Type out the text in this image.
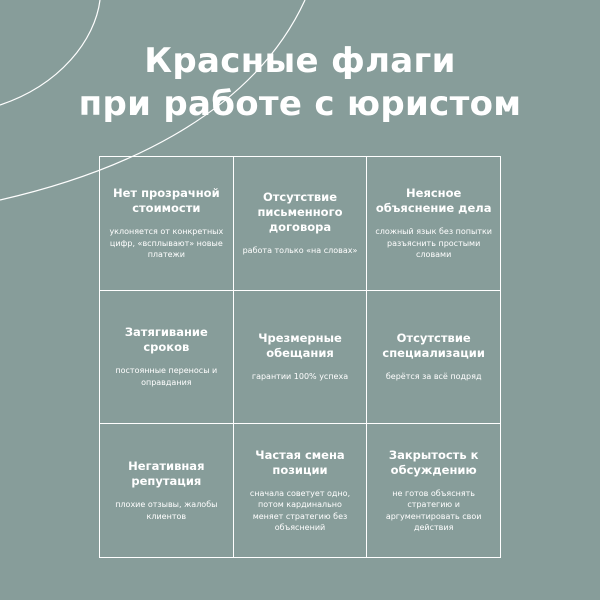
Красные флаги
при работе с юристом

Нет прозрачной стоимости

уклоняется от конкретных цифр, «всплывают» новые платежи

Отсутствие письменного договора

работа только «на словах»

Неясное объяснение дела

сложный язык без попытки разъяснить простыми словами

Затягивание сроков

постоянные переносы и оправдания

Чрезмерные обещания

гарантии 100% успеха

Отсутствие специализации

берётся за всё подряд

Негативная репутация

плохие отзывы, жалобы клиентов

Частая смена позиции

сначала советует одно, потом кардинально меняет стратегию без объяснений

Закрытость к обсуждению

не готов объяснять стратегию и аргументировать свои действия
